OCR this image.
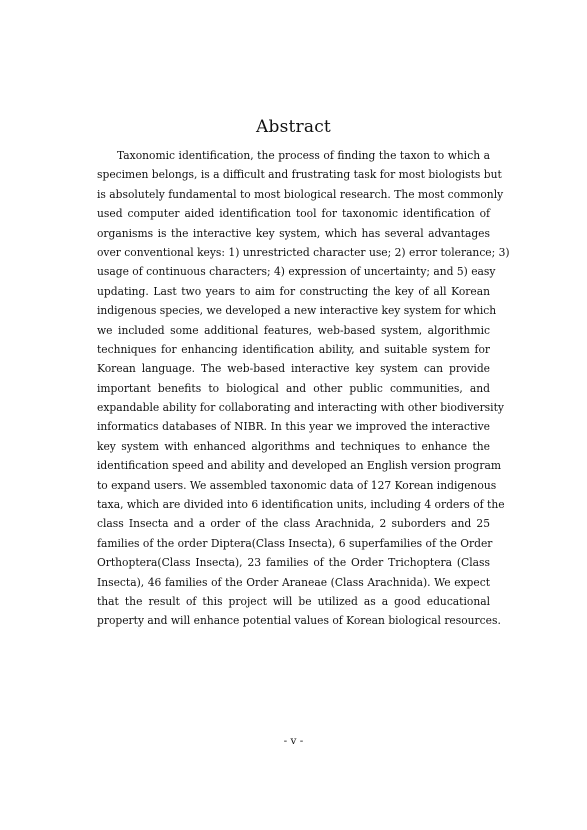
Abstract
Taxonomic identification, the process of finding the taxon to which a
specimen belongs, is a difficult and frustrating task for most biologists but
is absolutely fundamental to most biological research. The most commonly
used computer aided identification tool for taxonomic identification of
organisms is the interactive key system, which has several advantages
over conventional keys: 1) unrestricted character use; 2) error tolerance; 3)
usage of continuous characters; 4) expression of uncertainty; and 5) easy
updating. Last two years to aim for constructing the key of all Korean
indigenous species, we developed a new interactive key system for which
we included some additional features, web-based system, algorithmic
techniques for enhancing identification ability, and suitable system for
Korean language. The web-based interactive key system can provide
important benefits to biological and other public communities, and
expandable ability for collaborating and interacting with other biodiversity
informatics databases of NIBR. In this year we improved the interactive
key system with enhanced algorithms and techniques to enhance the
identification speed and ability and developed an English version program
to expand users. We assembled taxonomic data of 127 Korean indigenous
taxa, which are divided into 6 identification units, including 4 orders of the
class Insecta and a order of the class Arachnida, 2 suborders and 25
families of the order Diptera(Class Insecta), 6 superfamilies of the Order
Orthoptera(Class Insecta), 23 families of the Order Trichoptera (Class
Insecta), 46 families of the Order Araneae (Class Arachnida). We expect
that the result of this project will be utilized as a good educational
property and will enhance potential values of Korean biological resources.
- v -
